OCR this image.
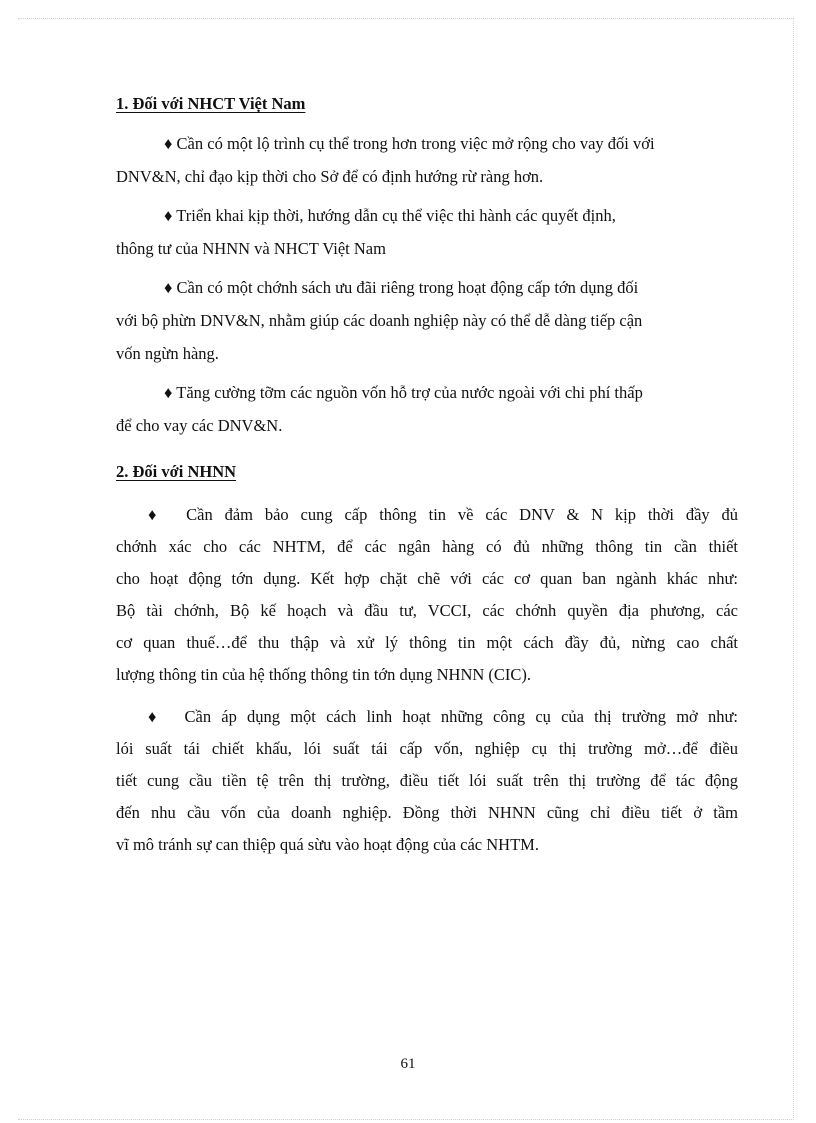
1. Đối với NHCT Việt Nam

♦ Cần có một lộ trình cụ thể trong hơn trong việc mở rộng cho vay đối với

DNV&N, chỉ đạo kịp thời cho Sở để có định hướng rừ ràng hơn.

♦ Triển khai kịp thời, hướng dẫn cụ thể việc thi hành các quyết định,

thông tư của NHNN và NHCT Việt Nam

♦ Cần có một chớnh sách ưu đãi riêng trong hoạt động cấp tớn dụng đối

với bộ phừn DNV&N, nhằm giúp các doanh nghiệp này có thể dễ dàng tiếp cận

vốn ngừn hàng.

♦ Tăng cường tỡm các nguồn vốn hỗ trợ của nước ngoài với chi phí thấp

để cho vay các DNV&N.

2. Đối với NHNN

♦ Cần đảm bảo cung cấp thông tin về các DNV & N kịp thời đầy đủ

chớnh xác cho các NHTM, để các ngân hàng có đủ những thông tin cần thiết

cho hoạt động tớn dụng. Kết hợp chặt chẽ với các cơ quan ban ngành khác như:

Bộ tài chớnh, Bộ kế hoạch và đầu tư, VCCI, các chớnh quyền địa phương, các

cơ quan thuế…để thu thập và xử lý thông tin một cách đầy đủ, nừng cao chất

lượng thông tin của hệ thống thông tin tớn dụng NHNN (CIC).

♦ Cần áp dụng một cách linh hoạt những công cụ của thị trường mở như:

lói suất tái chiết khấu, lói suất tái cấp vốn, nghiệp cụ thị trường mở…để điều

tiết cung cầu tiền tệ trên thị trường, điều tiết lói suất trên thị trường để tác động

đến nhu cầu vốn của doanh nghiệp. Đồng thời NHNN cũng chỉ điều tiết ở tầm

vĩ mô tránh sự can thiệp quá sừu vào hoạt động của các NHTM.

61
